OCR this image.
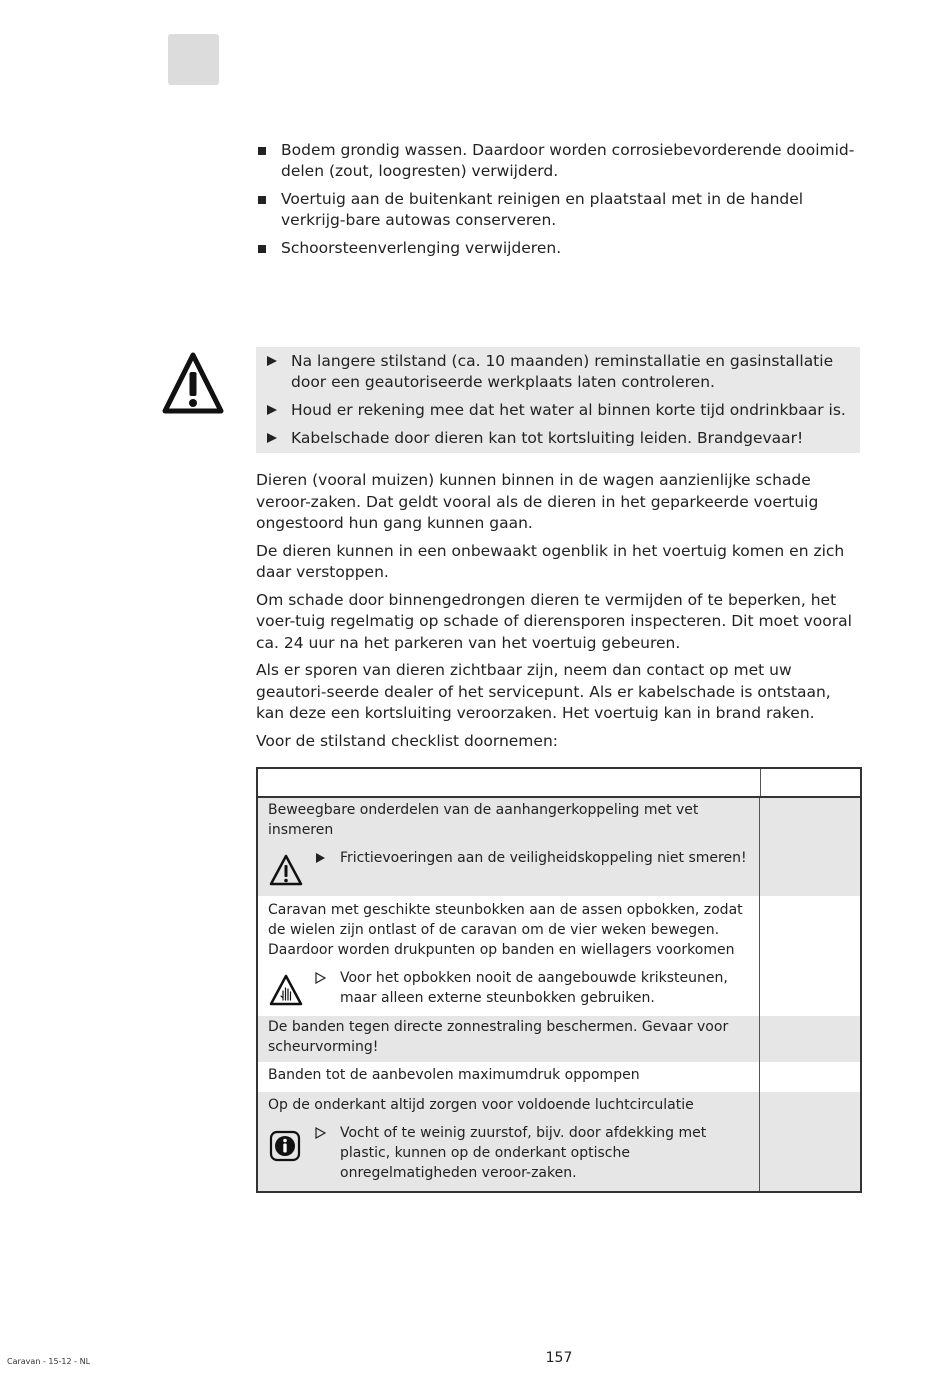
Bodem grondig wassen. Daardoor worden corrosiebevorderende dooimid-delen (zout, loogresten) verwijderd.
Voertuig aan de buitenkant reinigen en plaatstaal met in de handel verkrijg-bare autowas conserveren.
Schoorsteenverlenging verwijderen.
Na langere stilstand (ca. 10 maanden) reminstallatie en gasinstallatie door een geautoriseerde werkplaats laten controleren.
Houd er rekening mee dat het water al binnen korte tijd ondrinkbaar is.
Kabelschade door dieren kan tot kortsluiting leiden. Brandgevaar!

Dieren (vooral muizen) kunnen binnen in de wagen aanzienlijke schade veroor-zaken. Dat geldt vooral als de dieren in het geparkeerde voertuig ongestoord hun gang kunnen gaan.

De dieren kunnen in een onbewaakt ogenblik in het voertuig komen en zich daar verstoppen.

Om schade door binnengedrongen dieren te vermijden of te beperken, het voer-tuig regelmatig op schade of dierensporen inspecteren. Dit moet vooral ca. 24 uur na het parkeren van het voertuig gebeuren.

Als er sporen van dieren zichtbaar zijn, neem dan contact op met uw geautori-seerde dealer of het servicepunt. Als er kabelschade is ontstaan, kan deze een kortsluiting veroorzaken. Het voertuig kan in brand raken.

Voor de stilstand checklist doornemen:

Beweegbare onderdelen van de aanhangerkoppeling met vet insmeren
Frictievoeringen aan de veiligheidskoppeling niet smeren!
Caravan met geschikte steunbokken aan de assen opbokken, zodat de wielen zijn ontlast of de caravan om de vier weken bewegen. Daardoor worden drukpunten op banden en wiellagers voorkomen
Voor het opbokken nooit de aangebouwde kriksteunen, maar alleen externe steunbokken gebruiken.
De banden tegen directe zonnestraling beschermen. Gevaar voor scheurvorming!
Banden tot de aanbevolen maximumdruk oppompen
Op de onderkant altijd zorgen voor voldoende luchtcirculatie
Vocht of te weinig zuurstof, bijv. door afdekking met plastic, kunnen op de onderkant optische onregelmatigheden veroor-zaken.
Caravan - 15-12 - NL	157
